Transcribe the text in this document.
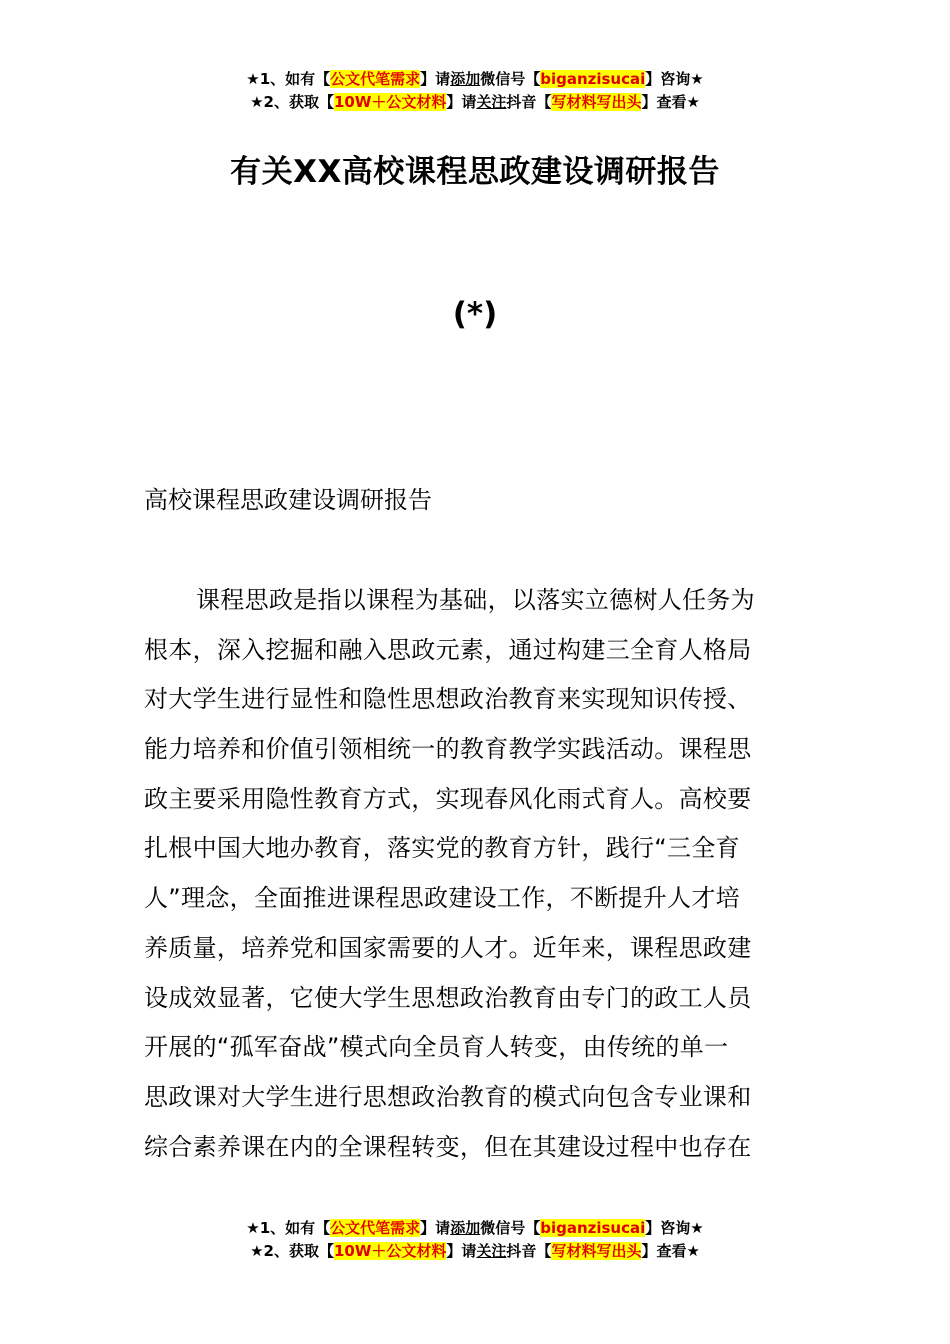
★1、如有【公文代笔需求】请添加微信号【biganzisucai】咨询★
★2、获取【10W＋公文材料】请关注抖音【写材料写出头】查看★
有关XX高校课程思政建设调研报告
(*)
高校课程思政建设调研报告
课程思政是指以课程为基础，以落实立德树人任务为
根本，深入挖掘和融入思政元素，通过构建三全育人格局
对大学生进行显性和隐性思想政治教育来实现知识传授、
能力培养和价值引领相统一的教育教学实践活动。课程思
政主要采用隐性教育方式，实现春风化雨式育人。高校要
扎根中国大地办教育，落实党的教育方针，践行“三全育
人”理念，全面推进课程思政建设工作，不断提升人才培
养质量，培养党和国家需要的人才。近年来，课程思政建
设成效显著，它使大学生思想政治教育由专门的政工人员
开展的“孤军奋战”模式向全员育人转变，由传统的单一
思政课对大学生进行思想政治教育的模式向包含专业课和
综合素养课在内的全课程转变，但在其建设过程中也存在
★1、如有【公文代笔需求】请添加微信号【biganzisucai】咨询★
★2、获取【10W＋公文材料】请关注抖音【写材料写出头】查看★
